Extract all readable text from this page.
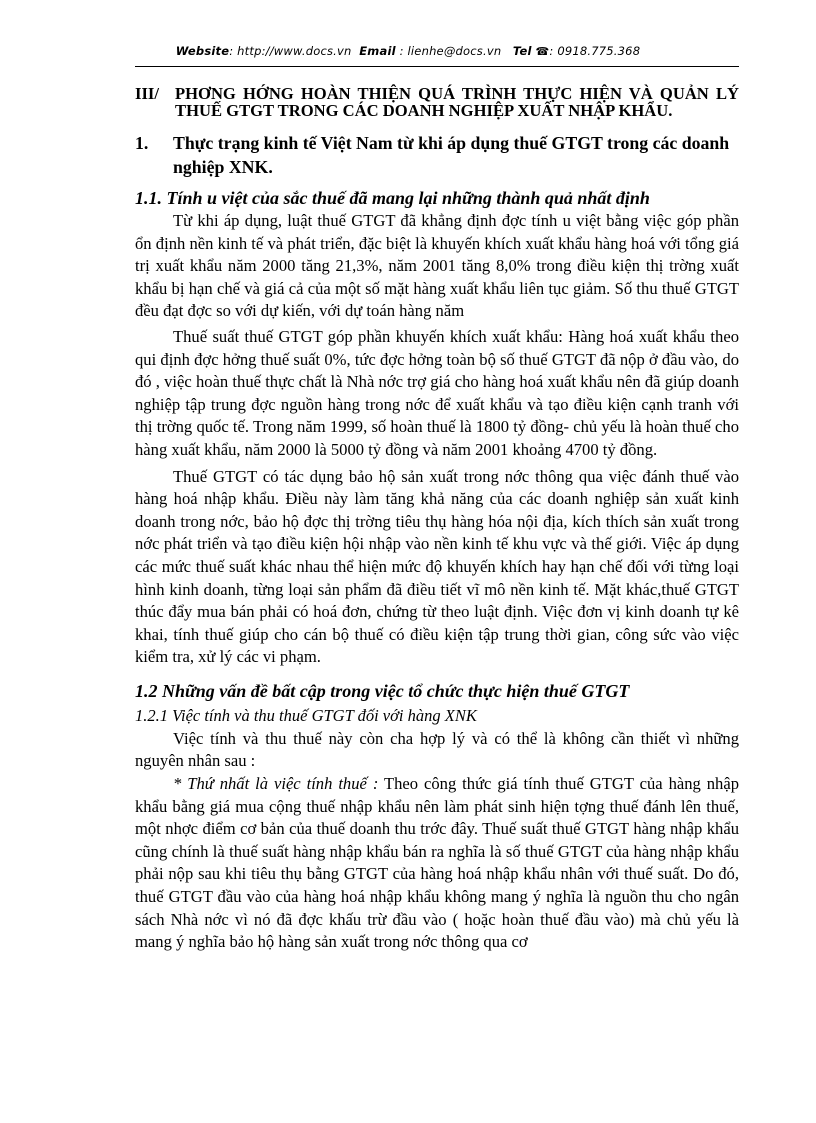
Website: http://www.docs.vn Email : lienhe@docs.vn Tel ☎: 0918.775.368
III/ PHƠNG HỚNG HOÀN THIỆN QUÁ TRÌNH THỰC HIỆN VÀ QUẢN LÝ THUẾ GTGT TRONG CÁC DOANH NGHIỆP XUẤT NHẬP KHẨU.
1.	Thực trạng kinh tế Việt Nam từ khi áp dụng thuế GTGT trong các doanh nghiệp XNK.
1.1. Tính u việt của sắc thuế đã mang lại những thành quả nhất định

Từ khi áp dụng, luật thuế GTGT đã khẳng định đợc tính u việt bằng việc góp phần ổn định nền kinh tế và phát triển, đặc biệt là khuyến khích xuất khẩu hàng hoá với tổng giá trị xuất khẩu năm 2000 tăng 21,3%, năm 2001 tăng 8,0% trong điều kiện thị trờng xuất khẩu bị hạn chế và giá cả của một số mặt hàng xuất khẩu liên tục giảm. Số thu thuế GTGT đều đạt đợc so với dự kiến, với dự toán hàng năm

Thuế suất thuế GTGT góp phần khuyến khích xuất khẩu: Hàng hoá xuất khẩu theo qui định đợc hởng thuế suất 0%, tức đợc hởng toàn bộ số thuế GTGT đã nộp ở đầu vào, do đó , việc hoàn thuế thực chất là Nhà nớc trợ giá cho hàng hoá xuất khẩu nên đã giúp doanh nghiệp tập trung đợc nguồn hàng trong nớc để xuất khẩu và tạo điều kiện cạnh tranh với thị trờng quốc tế. Trong năm 1999, số hoàn thuế là 1800 tỷ đồng- chủ yếu là hoàn thuế cho hàng xuất khẩu, năm 2000 là 5000 tỷ đồng và năm 2001 khoảng 4700 tỷ đồng.

Thuế GTGT có tác dụng bảo hộ sản xuất trong nớc thông qua việc đánh thuế vào hàng hoá nhập khẩu. Điều này làm tăng khả năng của các doanh nghiệp sản xuất kinh doanh trong nớc, bảo hộ đợc thị trờng tiêu thụ hàng hóa nội địa, kích thích sản xuất trong nớc phát triển và tạo điều kiện hội nhập vào nền kinh tế khu vực và thế giới. Việc áp dụng các mức thuế suất khác nhau thể hiện mức độ khuyến khích hay hạn chế đối với từng loại hình kinh doanh, từng loại sản phẩm đã điều tiết vĩ mô nền kinh tế. Mặt khác,thuế GTGT thúc đẩy mua bán phải có hoá đơn, chứng từ theo luật định. Việc đơn vị kinh doanh tự kê khai, tính thuế giúp cho cán bộ thuế có điều kiện tập trung thời gian, công sức vào việc kiểm tra, xử lý các vi phạm.

1.2 Những vấn đề bất cập trong việc tổ chức thực hiện thuế GTGT
1.2.1 Việc tính và thu thuế GTGT đối với hàng XNK

Việc tính và thu thuế này còn cha hợp lý và có thể là không cần thiết vì những nguyên nhân sau :

* Thứ nhất là việc tính thuế : Theo công thức giá tính thuế GTGT của hàng nhập khẩu bằng giá mua cộng thuế nhập khẩu nên làm phát sinh hiện tợng thuế đánh lên thuế, một nhợc điểm cơ bản của thuế doanh thu trớc đây. Thuế suất thuế GTGT hàng nhập khẩu cũng chính là thuế suất hàng nhập khẩu bán ra nghĩa là số thuế GTGT của hàng nhập khẩu phải nộp sau khi tiêu thụ bằng GTGT của hàng hoá nhập khẩu nhân với thuế suất. Do đó, thuế GTGT đầu vào của hàng hoá nhập khẩu không mang ý nghĩa là nguồn thu cho ngân sách Nhà nớc vì nó đã đợc khấu trừ đầu vào ( hoặc hoàn thuế đầu vào) mà chủ yếu là mang ý nghĩa bảo hộ hàng sản xuất trong nớc thông qua cơ
